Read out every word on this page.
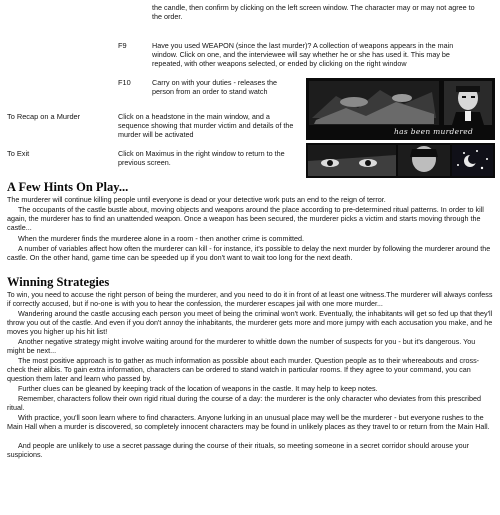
the candle, then confirm by clicking on the left screen window. The character may or may not agree to the order.
F9	Have you used WEAPON (since the last murder)? A collection of weapons appears in the main window. Click on one, and the interviewee will say whether he or she has used it. This may be repeated, with other weapons selected, or ended by clicking on the right window
F10	Carry on with your duties - releases the person from an order to stand watch
To Recap on a Murder	Click on a headstone in the main window, and a sequence showing that murder victim and details of the murder will be activated
To Exit	Click on Maximus in the right window to return to the previous screen.
has been murdered
A Few Hints On Play...
The murderer will continue killing people until everyone is dead or your detective work puts an end to the reign of terror.
The occupants of the castle bustle about, moving objects and weapons around the place according to pre-determined ritual patterns. In order to kill again, the murderer has to find an unattended weapon. Once a weapon has been secured, the murderer picks a victim and starts moving through the castle...
When the murderer finds the murderee alone in a room - then another crime is committed.
A number of variables affect how often the murderer can kill - for instance, it's possible to delay the next murder by following the murderer around the castle. On the other hand, game time can be speeded up if you don't want to wait too long for the next death.
Winning Strategies
To win, you need to accuse the right person of being the murderer, and you need to do it in front of at least one witness.The murderer will always confess if correctly accused, but if no-one is with you to hear the confession, the murderer escapes jail with one more murder...
Wandering around the castle accusing each person you meet of being the criminal won't work. Eventually, the inhabitants will get so fed up that they'll throw you out of the castle. And even if you don't annoy the inhabitants, the murderer gets more and more jumpy with each accusation you make, and he moves you higher up his hit list!
Another negative strategy might involve waiting around for the murderer to whittle down the number of suspects for you - but it's dangerous. You might be next...
The most positive approach is to gather as much information as possible about each murder. Question people as to their whereabouts and cross-check their alibis. To gain extra information, characters can be ordered to stand watch in particular rooms. If they agree to your command, you can question them later and learn who passed by.
Further clues can be gleaned by keeping track of the location of weapons in the castle. It may help to keep notes.
Remember, characters follow their own rigid ritual during the course of a day: the murderer is the only character who deviates from this prescribed ritual.
With practice, you'll soon learn where to find characters. Anyone lurking in an unusual place may well be the murderer - but everyone rushes to the Main Hall when a murder is discovered, so completely innocent characters may be found in unlikely places as they travel to or return from the Main Hall.
And people are unlikely to use a secret passage during the course of their rituals, so meeting someone in a secret corridor should arouse your suspicions.
